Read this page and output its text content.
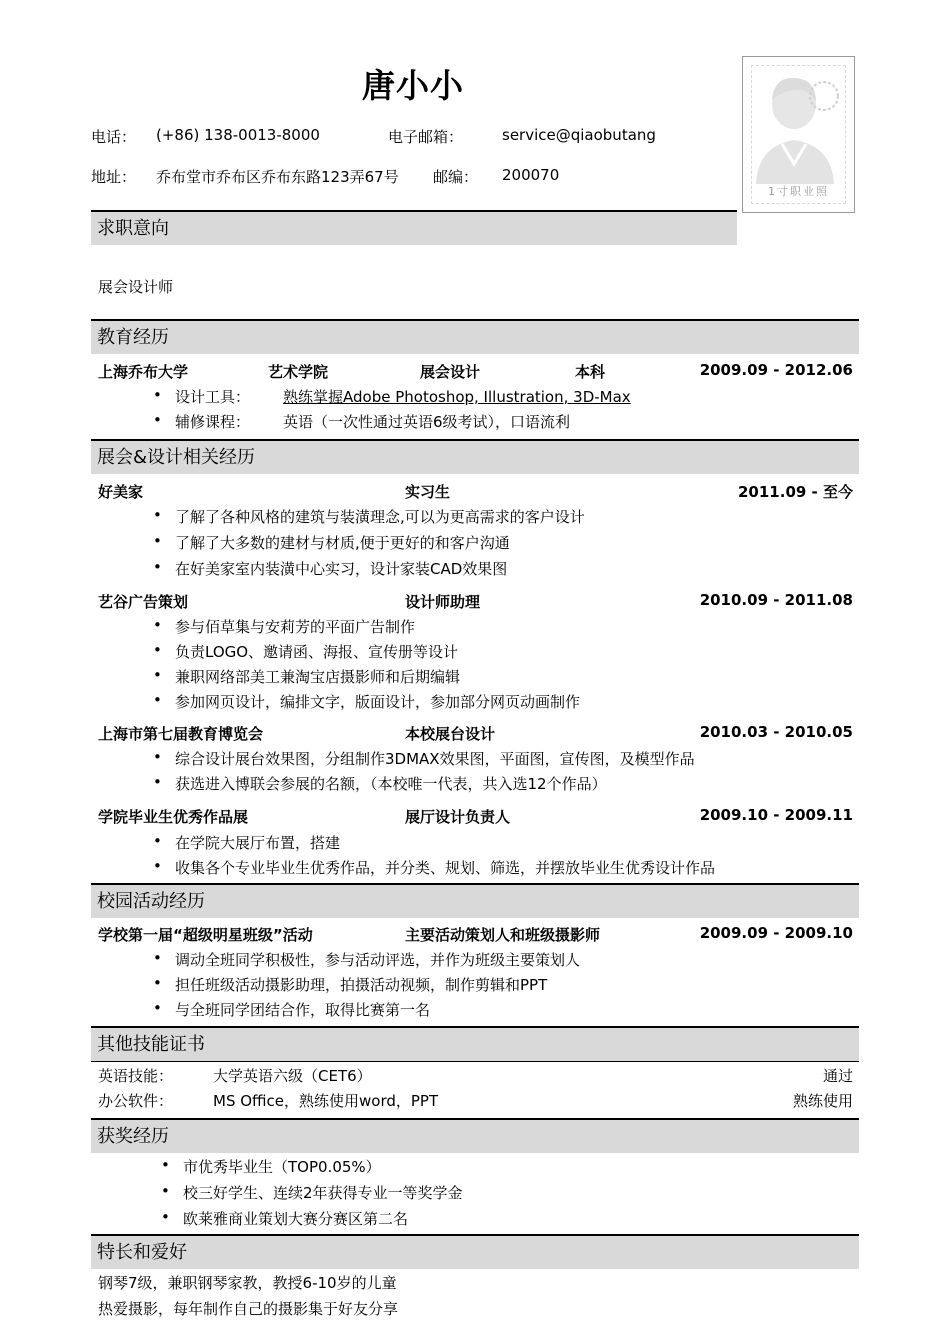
唐小小
电话： (+86) 138-0013-8000	电子邮箱：	service@qiaobutang
地址： 乔布堂市乔布区乔布东路123弄67号 邮编： 200070
1寸职业照
求职意向
展会设计师
教育经历
上海乔布大学	艺术学院	展会设计	本科	2009.09 - 2012.06
设计工具： 熟练掌握Adobe Photoshop, Illustration, 3D-Max
辅修课程： 英语（一次性通过英语6级考试），口语流利
展会&设计相关经历
好美家	实习生	2011.09 - 至今
了解了各种风格的建筑与装潢理念,可以为更高需求的客户设计
了解了大多数的建材与材质,便于更好的和客户沟通
在好美家室内装潢中心实习，设计家装CAD效果图
艺谷广告策划	设计师助理	2010.09 - 2011.08
参与佰草集与安莉芳的平面广告制作
负责LOGO、邀请函、海报、宣传册等设计
兼职网络部美工兼淘宝店摄影师和后期编辑
参加网页设计，编排文字，版面设计，参加部分网页动画制作
上海市第七届教育博览会	本校展台设计	2010.03 - 2010.05
综合设计展台效果图，分组制作3DMAX效果图，平面图，宣传图，及模型作品
获选进入博联会参展的名额，（本校唯一代表，共入选12个作品）
学院毕业生优秀作品展	展厅设计负责人	2009.10 - 2009.11
在学院大展厅布置，搭建
收集各个专业毕业生优秀作品，并分类、规划、筛选，并摆放毕业生优秀设计作品
校园活动经历
学校第一届“超级明星班级”活动	主要活动策划人和班级摄影师	2009.09 - 2009.10
调动全班同学积极性，参与活动评选，并作为班级主要策划人
担任班级活动摄影助理，拍摄活动视频，制作剪辑和PPT
与全班同学团结合作，取得比赛第一名
其他技能证书
英语技能：	大学英语六级（CET6）	通过
办公软件：	MS Office，熟练使用word，PPT	熟练使用
获奖经历
市优秀毕业生（TOP0.05%）
校三好学生、连续2年获得专业一等奖学金
欧莱雅商业策划大赛分赛区第二名
特长和爱好
钢琴7级，兼职钢琴家教，教授6-10岁的儿童
热爱摄影，每年制作自己的摄影集于好友分享
